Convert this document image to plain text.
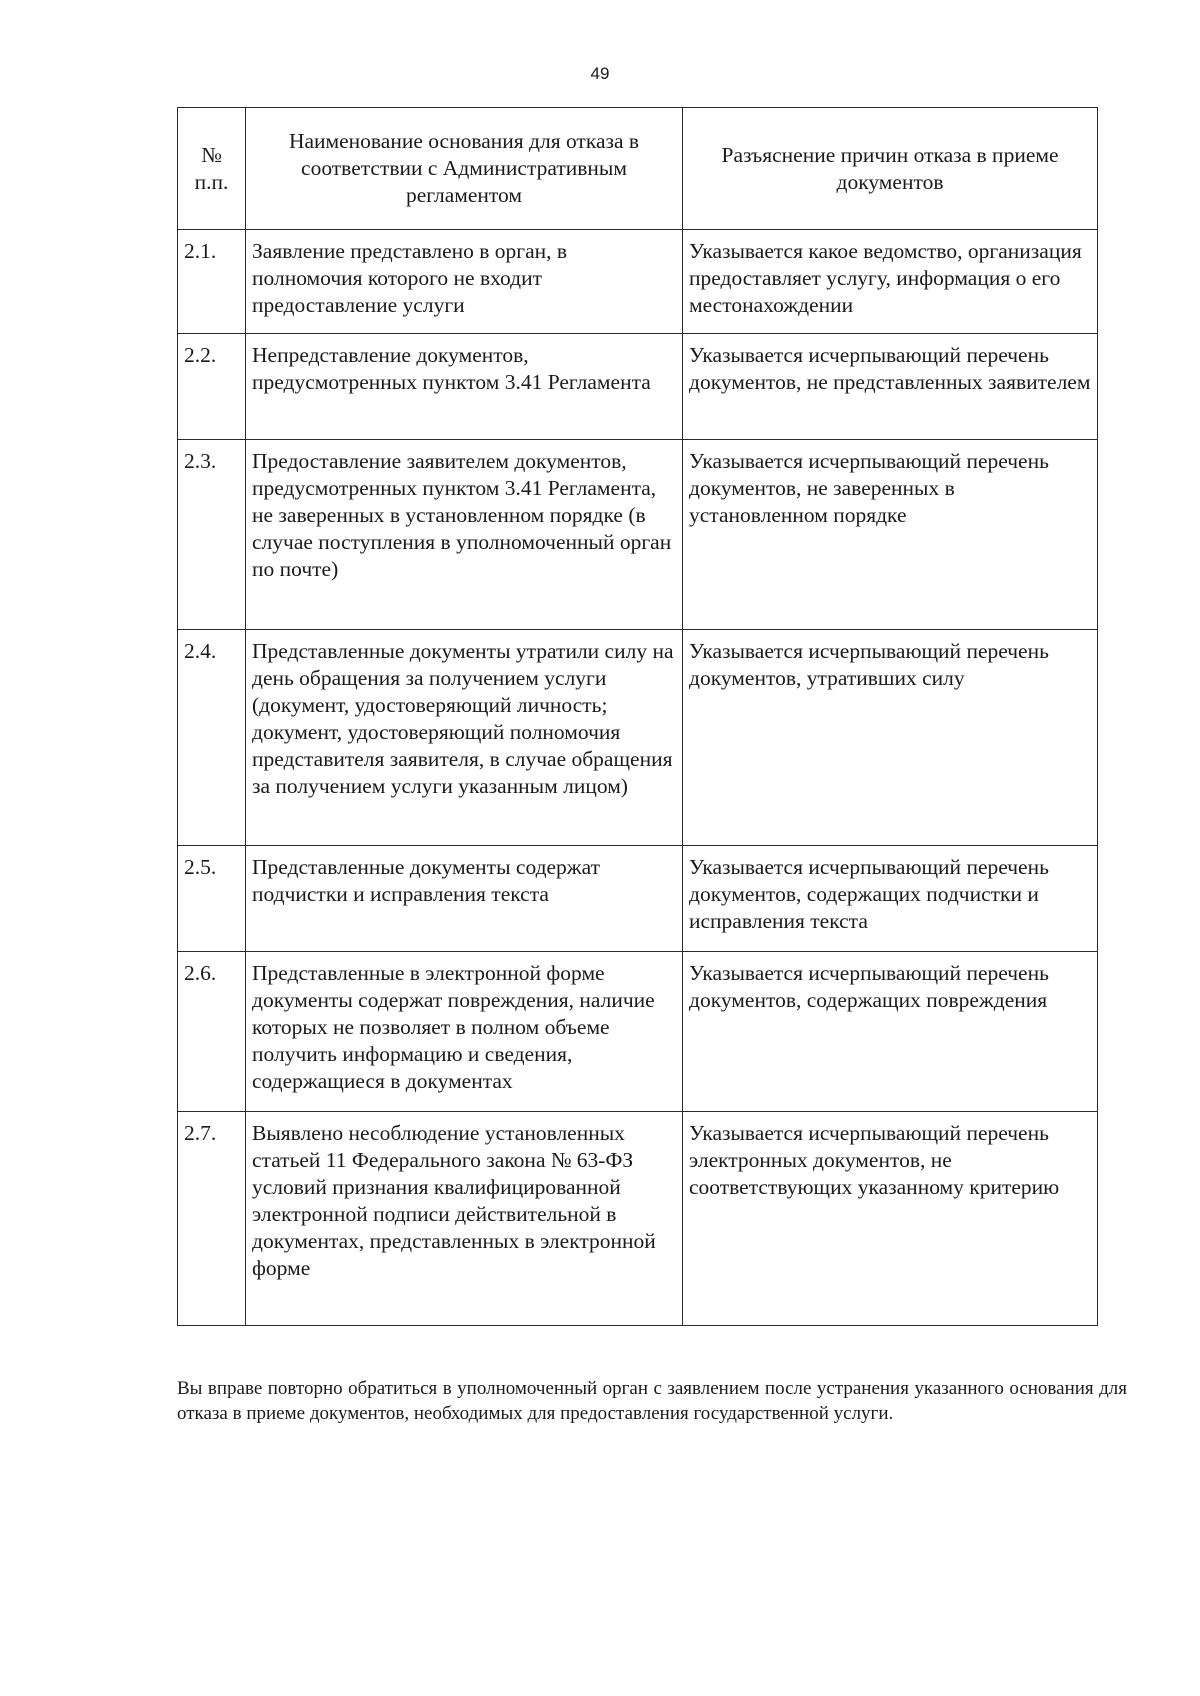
49
№ п.п.	Наименование основания для отказа в соответствии с Административным регламентом	Разъяснение причин отказа в приеме документов
2.1.	Заявление представлено в орган, в полномочия которого не входит предоставление услуги	Указывается какое ведомство, организация предоставляет услугу, информация о его местонахождении
2.2.	Непредставление документов, предусмотренных пунктом 3.41 Регламента	Указывается исчерпывающий перечень документов, не представленных заявителем
2.3.	Предоставление заявителем документов, предусмотренных пунктом 3.41 Регламента, не заверенных в установленном порядке (в случае поступления в уполномоченный орган по почте)	Указывается исчерпывающий перечень документов, не заверенных в установленном порядке
2.4.	Представленные документы утратили силу на день обращения за получением услуги (документ, удостоверяющий личность; документ, удостоверяющий полномочия представителя заявителя, в случае обращения за получением услуги указанным лицом)	Указывается исчерпывающий перечень документов, утративших силу
2.5.	Представленные документы содержат подчистки и исправления текста	Указывается исчерпывающий перечень документов, содержащих подчистки и исправления текста
2.6.	Представленные в электронной форме документы содержат повреждения, наличие которых не позволяет в полном объеме получить информацию и сведения, содержащиеся в документах	Указывается исчерпывающий перечень документов, содержащих повреждения
2.7.	Выявлено несоблюдение установленных статьей 11 Федерального закона № 63-ФЗ условий признания квалифицированной электронной подписи действительной в документах, представленных в электронной форме	Указывается исчерпывающий перечень электронных документов, не соответствующих указанному критерию

Вы вправе повторно обратиться в уполномоченный орган с заявлением после устранения указанного основания для отказа в приеме документов, необходимых для предоставления государственной услуги.
